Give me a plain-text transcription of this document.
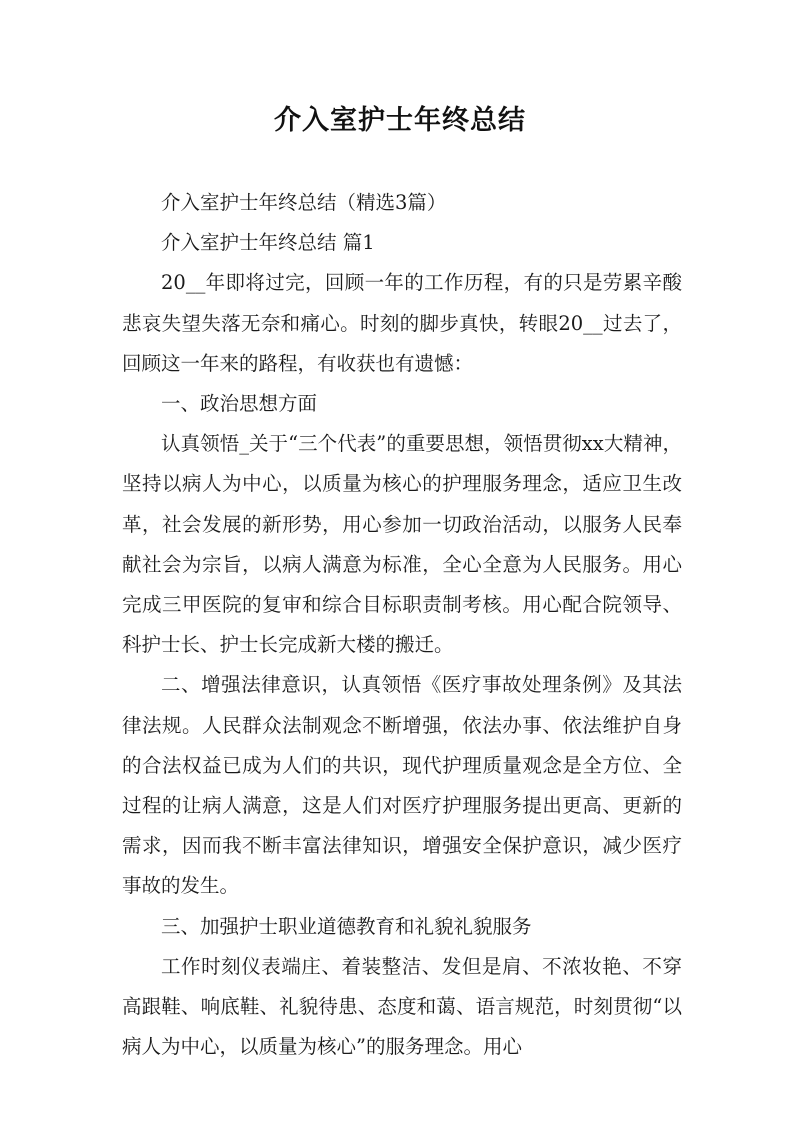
介入室护士年终总结

介入室护士年终总结（精选3篇）

介入室护士年终总结 篇1

20__年即将过完，回顾一年的工作历程，有的只是劳累辛酸悲哀失望失落无奈和痛心。时刻的脚步真快，转眼20__过去了，回顾这一年来的路程，有收获也有遗憾：

一、政治思想方面

认真领悟_关于“三个代表”的重要思想，领悟贯彻xx大精神，坚持以病人为中心，以质量为核心的护理服务理念，适应卫生改革，社会发展的新形势，用心参加一切政治活动，以服务人民奉献社会为宗旨，以病人满意为标准，全心全意为人民服务。用心完成三甲医院的复审和综合目标职责制考核。用心配合院领导、科护士长、护士长完成新大楼的搬迁。

二、增强法律意识，认真领悟《医疗事故处理条例》及其法律法规。人民群众法制观念不断增强，依法办事、依法维护自身的合法权益已成为人们的共识，现代护理质量观念是全方位、全过程的让病人满意，这是人们对医疗护理服务提出更高、更新的需求，因而我不断丰富法律知识，增强安全保护意识，减少医疗事故的发生。

三、加强护士职业道德教育和礼貌礼貌服务

工作时刻仪表端庄、着装整洁、发但是肩、不浓妆艳、不穿高跟鞋、响底鞋、礼貌待患、态度和蔼、语言规范，时刻贯彻“以病人为中心，以质量为核心”的服务理念。用心
